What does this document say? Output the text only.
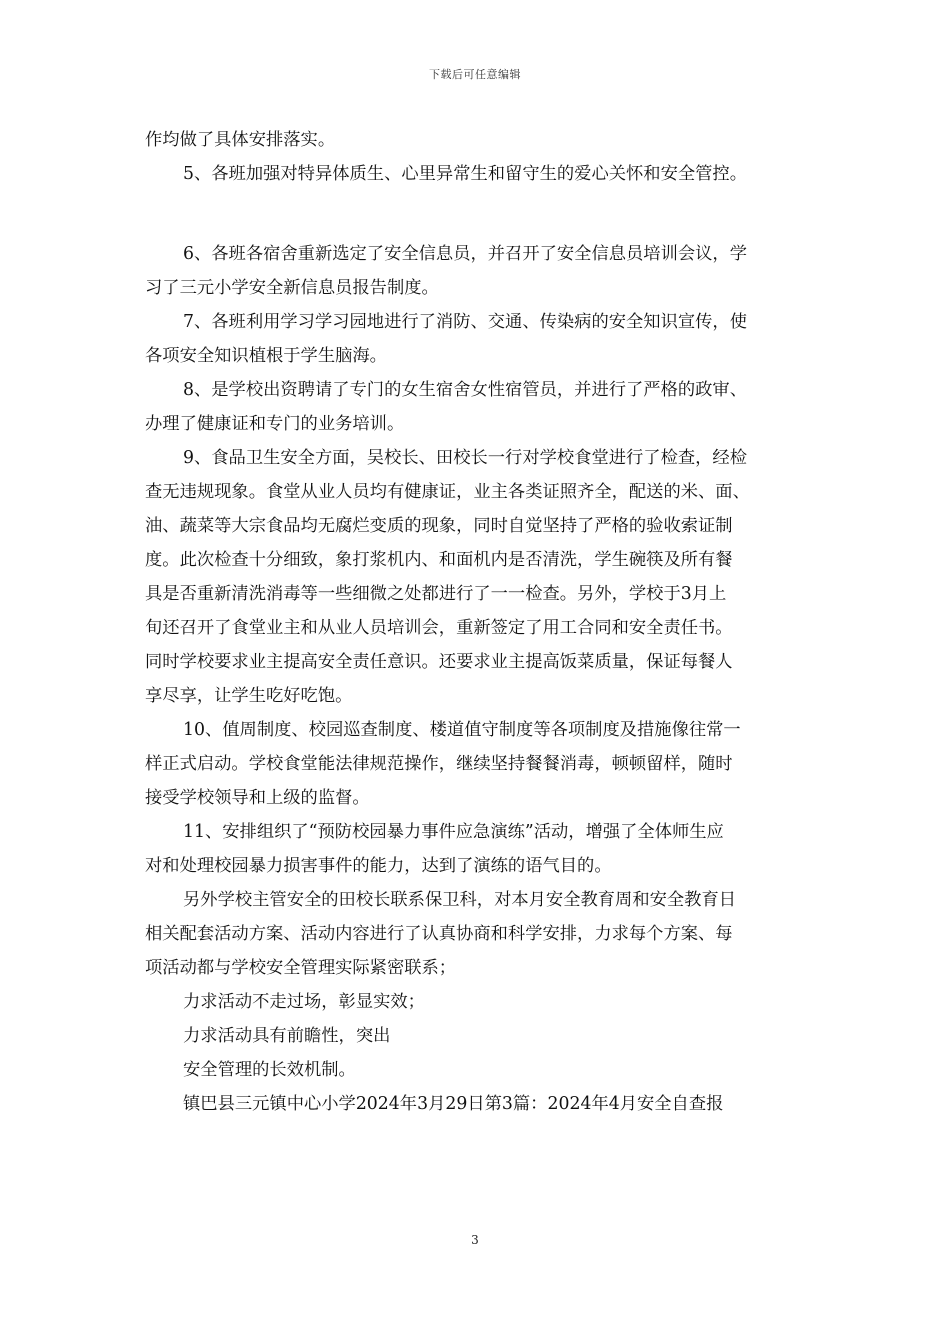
下载后可任意编辑
作均做了具体安排落实。
5、各班加强对特异体质生、心里异常生和留守生的爱心关怀和安全管控。
6、各班各宿舍重新选定了安全信息员，并召开了安全信息员培训会议，学
习了三元小学安全新信息员报告制度。
7、各班利用学习学习园地进行了消防、交通、传染病的安全知识宣传，使
各项安全知识植根于学生脑海。
8、是学校出资聘请了专门的女生宿舍女性宿管员，并进行了严格的政审、
办理了健康证和专门的业务培训。
9、食品卫生安全方面，吴校长、田校长一行对学校食堂进行了检查，经检
查无违规现象。食堂从业人员均有健康证，业主各类证照齐全，配送的米、面、
油、蔬菜等大宗食品均无腐烂变质的现象，同时自觉坚持了严格的验收索证制
度。此次检查十分细致，象打浆机内、和面机内是否清洗，学生碗筷及所有餐
具是否重新清洗消毒等一些细微之处都进行了一一检查。另外，学校于3月上
旬还召开了食堂业主和从业人员培训会，重新签定了用工合同和安全责任书。
同时学校要求业主提高安全责任意识。还要求业主提高饭菜质量，保证每餐人
享尽享，让学生吃好吃饱。
10、值周制度、校园巡查制度、楼道值守制度等各项制度及措施像往常一
样正式启动。学校食堂能法律规范操作，继续坚持餐餐消毒，顿顿留样，随时
接受学校领导和上级的监督。
11、安排组织了“预防校园暴力事件应急演练”活动，增强了全体师生应
对和处理校园暴力损害事件的能力，达到了演练的语气目的。
另外学校主管安全的田校长联系保卫科，对本月安全教育周和安全教育日
相关配套活动方案、活动内容进行了认真协商和科学安排，力求每个方案、每
项活动都与学校安全管理实际紧密联系；
力求活动不走过场，彰显实效；
力求活动具有前瞻性，突出
安全管理的长效机制。
镇巴县三元镇中心小学2024年3月29日第3篇：2024年4月安全自查报
3
